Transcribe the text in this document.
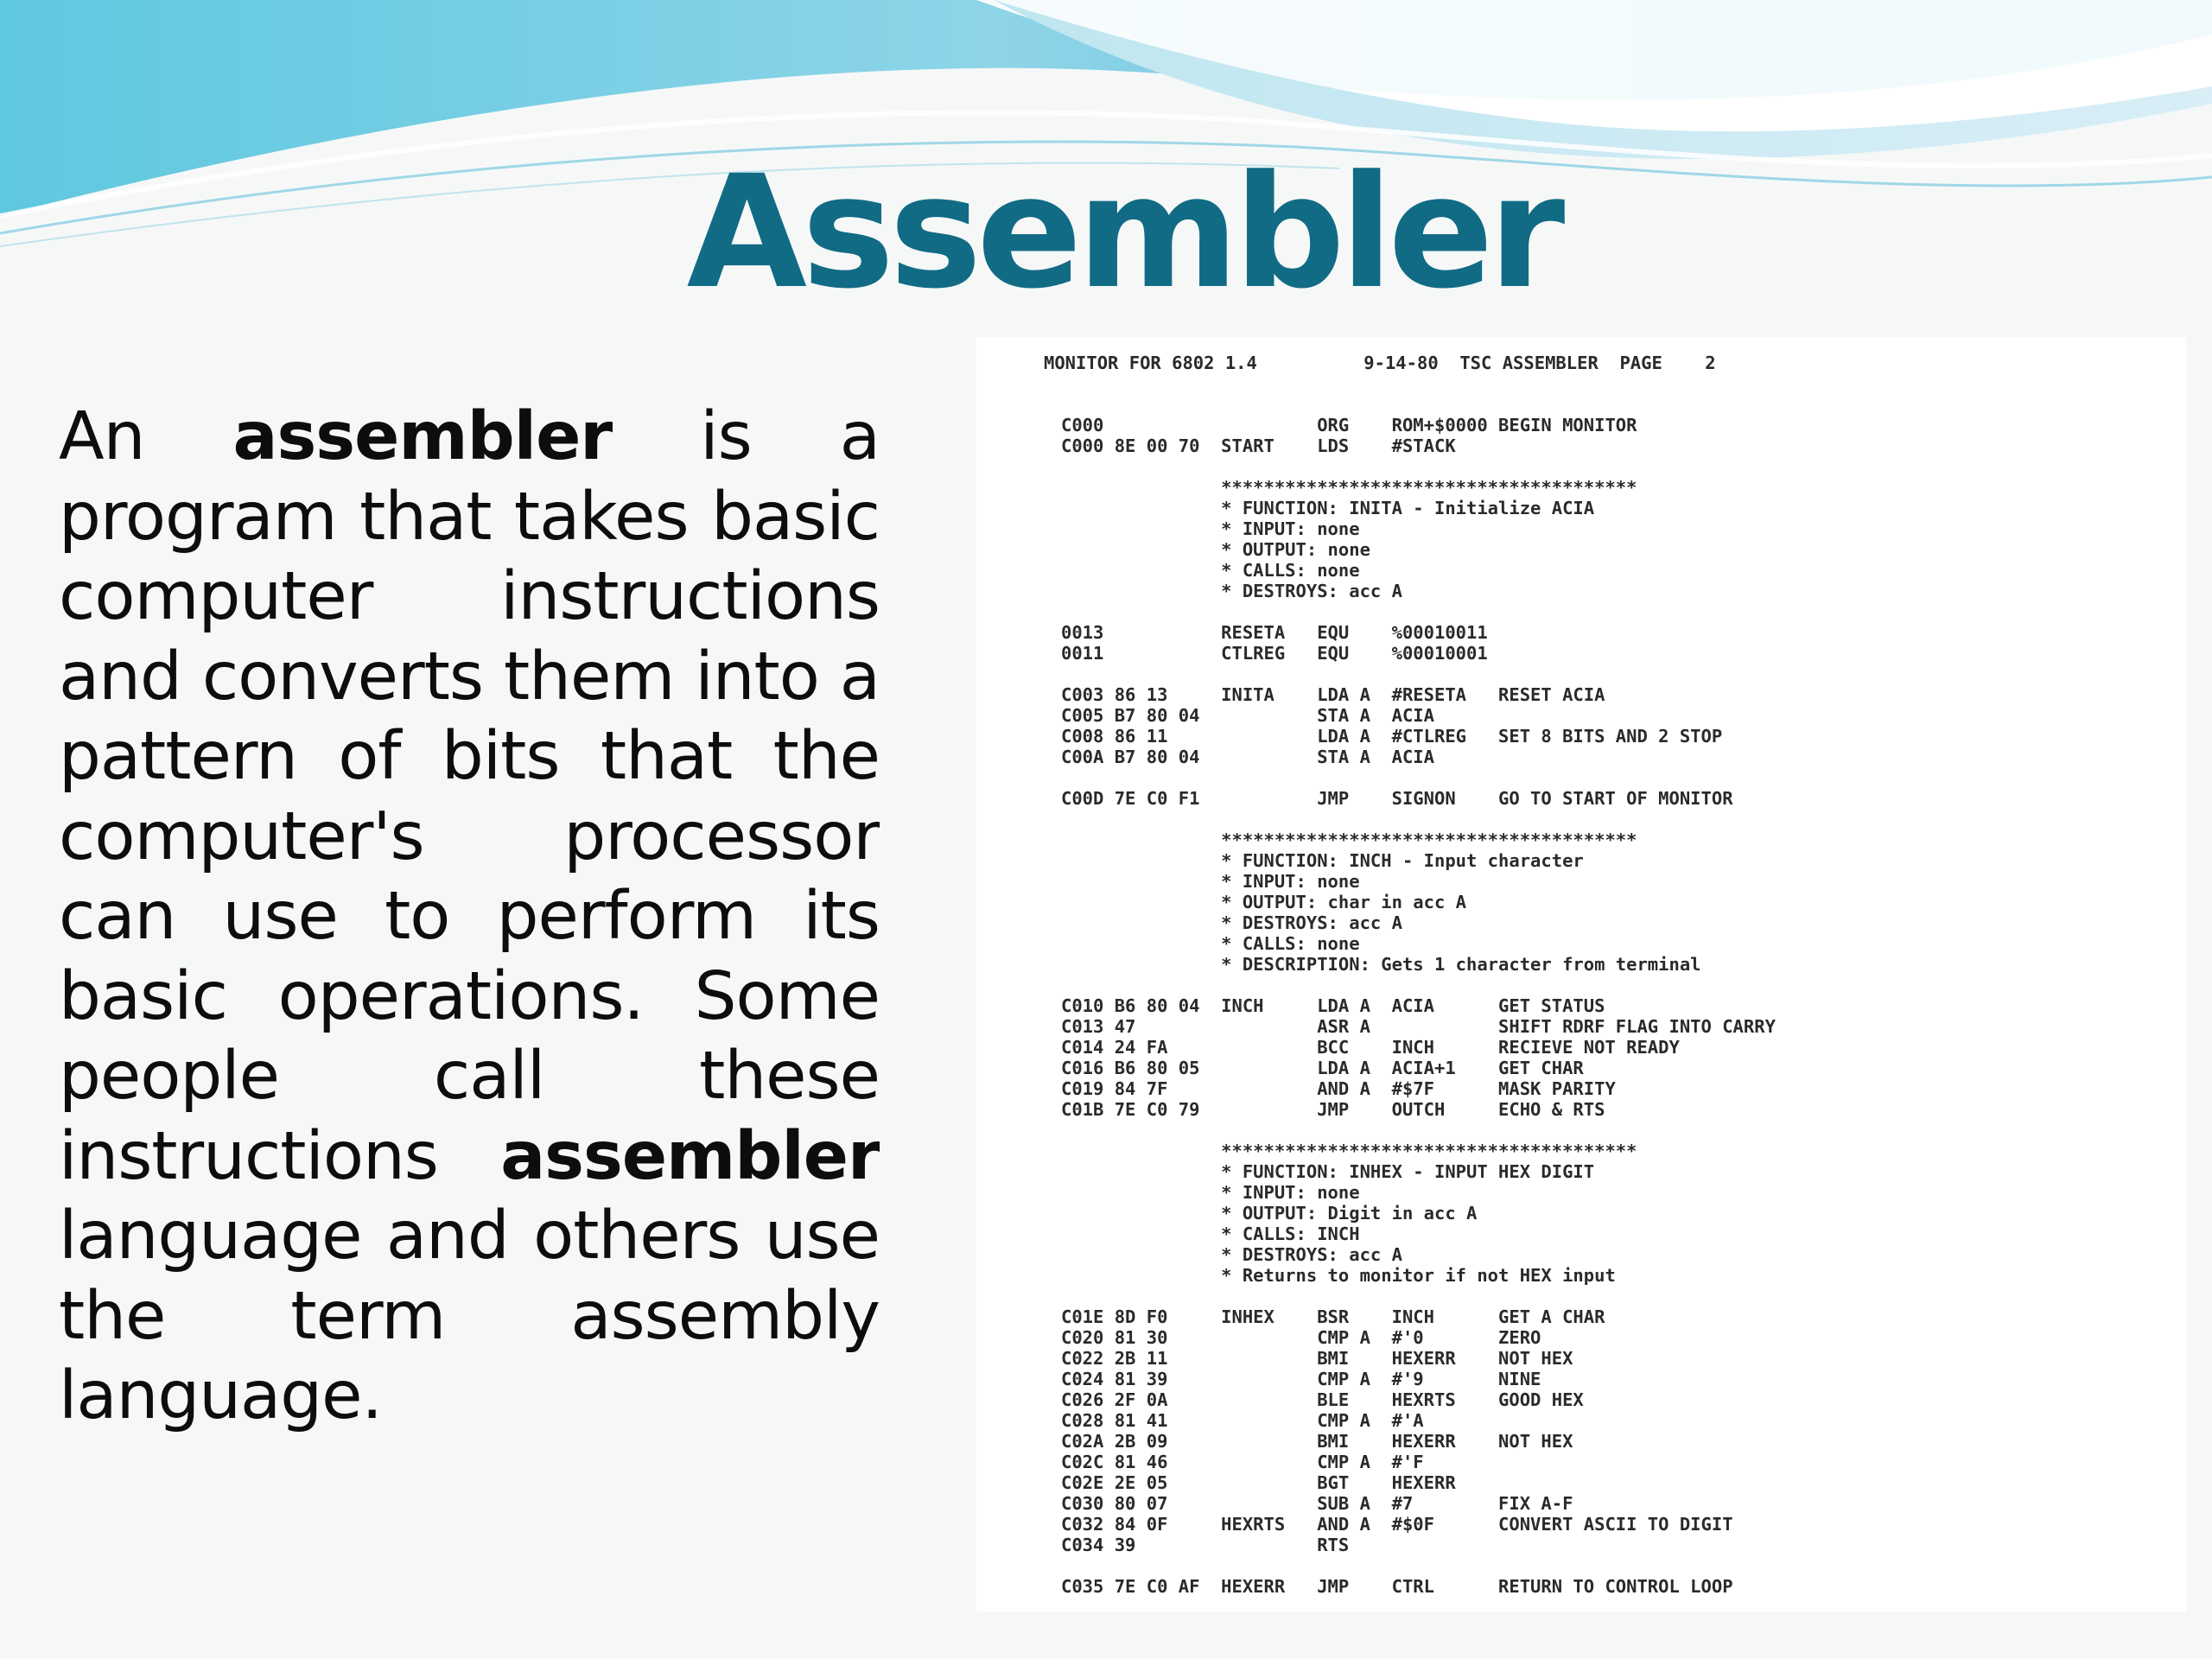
Assembler
An assembler is a
program that takes basic
computer instructions
and converts them into a
pattern of bits that the
computer's processor
can use to perform its
basic operations. Some
people call these
instructions assembler
language and others use
the term assembly
language.
MONITOR FOR 6802 1.4          9-14-80  TSC ASSEMBLER  PAGE    2
C000                    ORG    ROM+$0000 BEGIN MONITOR
C000 8E 00 70  START    LDS    #STACK

***************************************
* FUNCTION: INITA - Initialize ACIA
* INPUT: none
* OUTPUT: none
* CALLS: none
* DESTROYS: acc A

0013           RESETA   EQU    %00010011
0011           CTLREG   EQU    %00010001

C003 86 13     INITA    LDA A  #RESETA   RESET ACIA
C005 B7 80 04           STA A  ACIA
C008 86 11              LDA A  #CTLREG   SET 8 BITS AND 2 STOP
C00A B7 80 04           STA A  ACIA

C00D 7E C0 F1           JMP    SIGNON    GO TO START OF MONITOR

***************************************
* FUNCTION: INCH - Input character
* INPUT: none
* OUTPUT: char in acc A
* DESTROYS: acc A
* CALLS: none
* DESCRIPTION: Gets 1 character from terminal

C010 B6 80 04  INCH     LDA A  ACIA      GET STATUS
C013 47                 ASR A            SHIFT RDRF FLAG INTO CARRY
C014 24 FA              BCC    INCH      RECIEVE NOT READY
C016 B6 80 05           LDA A  ACIA+1    GET CHAR
C019 84 7F              AND A  #$7F      MASK PARITY
C01B 7E C0 79           JMP    OUTCH     ECHO & RTS

***************************************
* FUNCTION: INHEX - INPUT HEX DIGIT
* INPUT: none
* OUTPUT: Digit in acc A
* CALLS: INCH
* DESTROYS: acc A
* Returns to monitor if not HEX input

C01E 8D F0     INHEX    BSR    INCH      GET A CHAR
C020 81 30              CMP A  #'0       ZERO
C022 2B 11              BMI    HEXERR    NOT HEX
C024 81 39              CMP A  #'9       NINE
C026 2F 0A              BLE    HEXRTS    GOOD HEX
C028 81 41              CMP A  #'A
C02A 2B 09              BMI    HEXERR    NOT HEX
C02C 81 46              CMP A  #'F
C02E 2E 05              BGT    HEXERR
C030 80 07              SUB A  #7        FIX A-F
C032 84 0F     HEXRTS   AND A  #$0F      CONVERT ASCII TO DIGIT
C034 39                 RTS

C035 7E C0 AF  HEXERR   JMP    CTRL      RETURN TO CONTROL LOOP
